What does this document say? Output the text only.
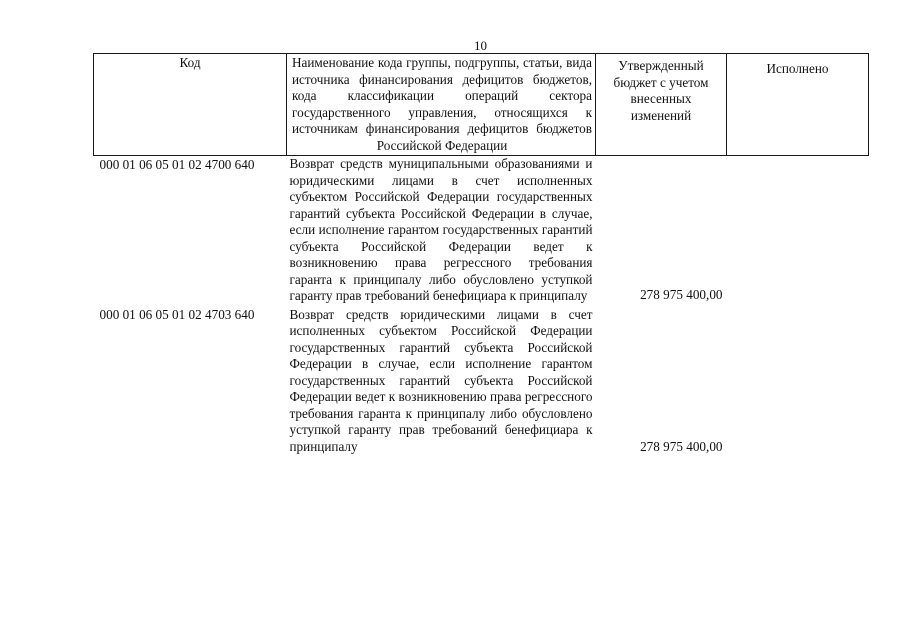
10
Код	Наименование кода группы, подгруппы, статьи, вида источника финансирования дефицитов бюджетов, кода классификации операций сектора государственного управления, относящихся к источникам финансирования дефицитов бюджетов Российской Федерации	Утвержденный бюджет с учетом внесенных изменений	Исполнено
000 01 06 05 01 02 4700 640	Возврат средств муниципальными образованиями и юридическими лицами в счет исполненных субъектом Российской Федерации государственных гарантий субъекта Российской Федерации в случае, если исполнение гарантом государственных гарантий субъекта Российской Федерации ведет к возникновению права регрессного требования гаранта к принципалу либо обусловлено уступкой гаранту прав требований бенефициара к принципалу	278 975 400,00	
000 01 06 05 01 02 4703 640	Возврат средств юридическими лицами в счет исполненных субъектом Российской Федерации государственных гарантий субъекта Российской Федерации в случае, если исполнение гарантом государственных гарантий субъекта Российской Федерации ведет к возникновению права регрессного требования гаранта к принципалу либо обусловлено уступкой гаранту прав требований бенефициара к принципалу	278 975 400,00	
